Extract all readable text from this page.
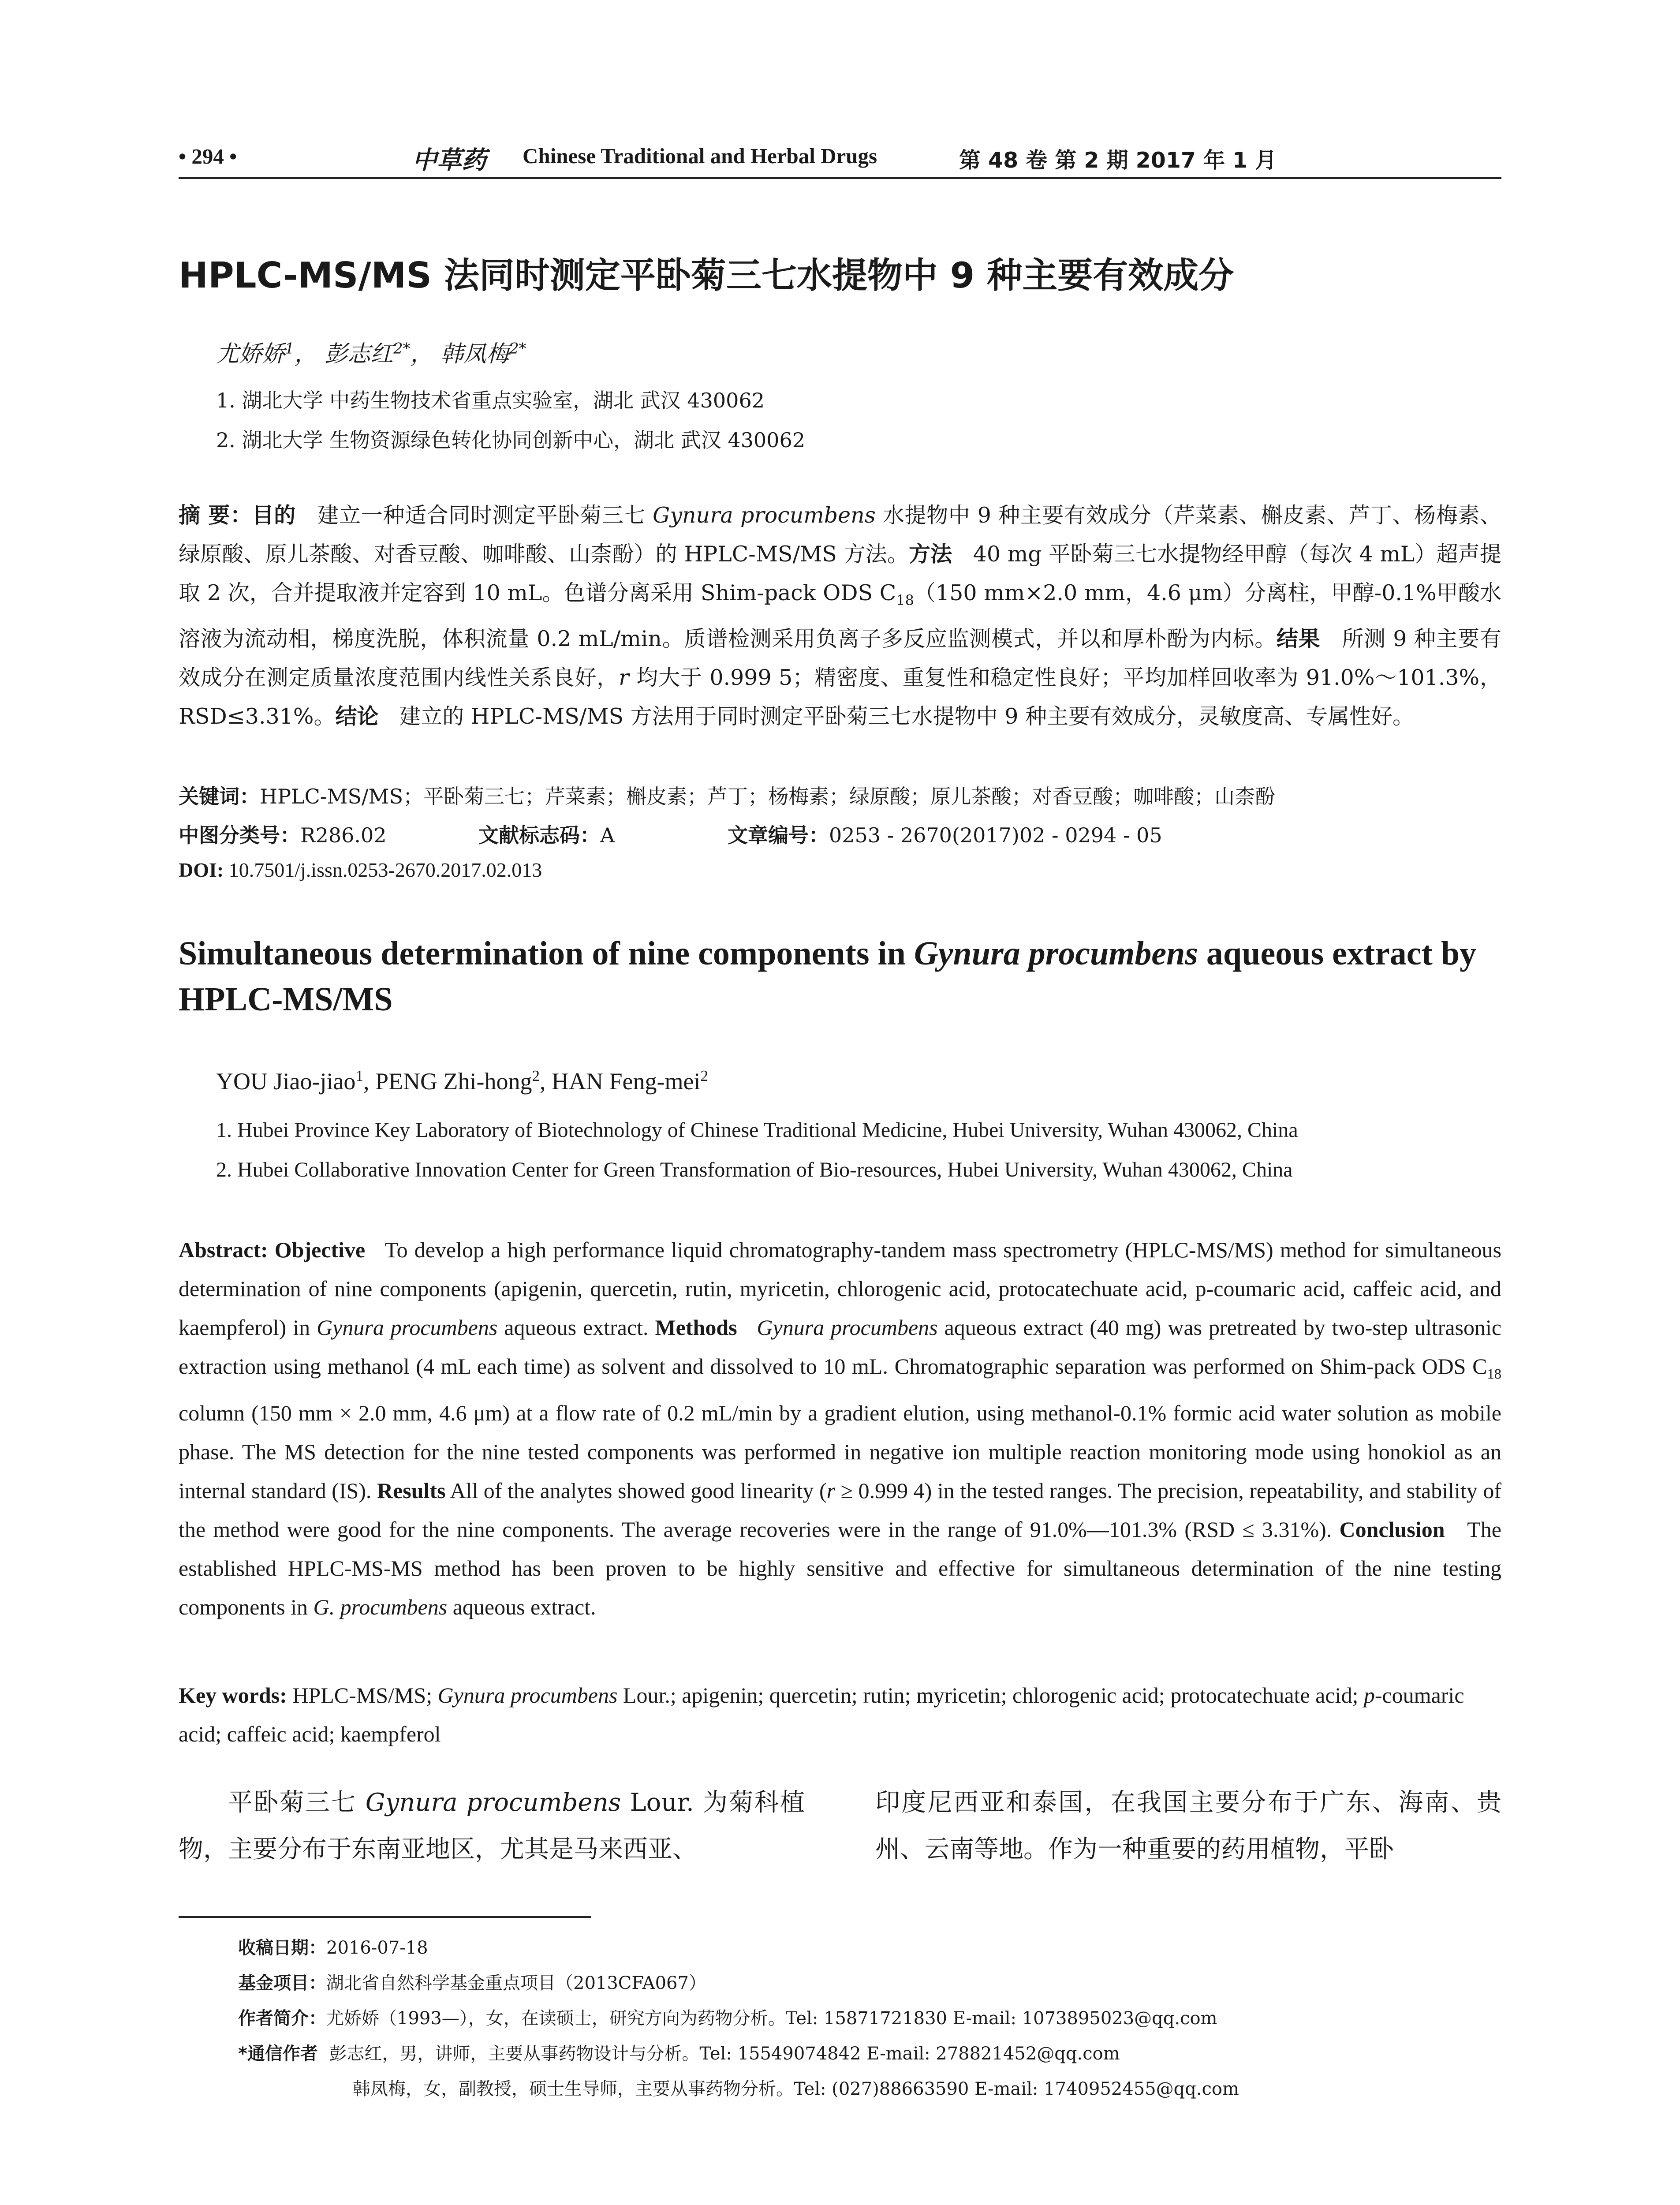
• 294 •	中草药 Chinese Traditional and Herbal Drugs	第 48 卷 第 2 期 2017 年 1 月
HPLC-MS/MS 法同时测定平卧菊三七水提物中 9 种主要有效成分
尤娇娇$^1$， 彭志红$^{2*}$， 韩凤梅$^{2*}$
1. 湖北大学 中药生物技术省重点实验室，湖北 武汉 430062
2. 湖北大学 生物资源绿色转化协同创新中心，湖北 武汉 430062

摘 要：目的 建立一种适合同时测定平卧菊三七 Gynura procumbens 水提物中 9 种主要有效成分（芹菜素、槲皮素、芦丁、杨梅素、绿原酸、原儿茶酸、对香豆酸、咖啡酸、山柰酚）的 HPLC-MS/MS 方法。方法 40 mg 平卧菊三七水提物经甲醇（每次 4 mL）超声提取 2 次，合并提取液并定容到 10 mL。色谱分离采用 Shim-pack ODS $C_{18}(150$ mm×2.0 mm，4.6 μm）分离柱，甲醇-0.1%甲酸水溶液为流动相，梯度洗脱，体积流量 0.2 mL/min。质谱检测采用负离子多反应监测模式，并以和厚朴酚为内标。结果 所测 9 种主要有效成分在测定质量浓度范围内线性关系良好，r 均大于 0.999 5；精密度、重复性和稳定性良好；平均加样回收率为 91.0%～101.3%，RSD≤3.31%。结论 建立的 HPLC-MS/MS 方法用于同时测定平卧菊三七水提物中 9 种主要有效成分，灵敏度高、专属性好。

关键词：HPLC-MS/MS；平卧菊三七；芹菜素；槲皮素；芦丁；杨梅素；绿原酸；原儿茶酸；对香豆酸；咖啡酸；山柰酚
中图分类号：R286.02	文献标志码：A	文章编号：0253 - 2670(2017)02 - 0294 - 05
DOI: 10.7501/j.issn.0253-2670.2017.02.013
Simultaneous determination of nine components in Gynura procumbens aqueous extract by HPLC-MS/MS
YOU Jiao-jiao$^1$, PENG Zhi-hong$^2$, HAN Feng-mei$^2$
1. Hubei Province Key Laboratory of Biotechnology of Chinese Traditional Medicine, Hubei University, Wuhan 430062, China
2. Hubei Collaborative Innovation Center for Green Transformation of Bio-resources, Hubei University, Wuhan 430062, China

Abstract: Objective To develop a high performance liquid chromatography-tandem mass spectrometry (HPLC-MS/MS) method for simultaneous determination of nine components (apigenin, quercetin, rutin, myricetin, chlorogenic acid, protocatechuate acid, p-coumaric acid, caffeic acid, and kaempferol) in Gynura procumbens aqueous extract. Methods Gynura procumbens aqueous extract (40 mg) was pretreated by two-step ultrasonic extraction using methanol (4 mL each time) as solvent and dissolved to 10 mL. Chromatographic separation was performed on Shim-pack ODS $C_{18}$ column (150 mm × 2.0 mm, 4.6 μm) at a flow rate of 0.2 mL/min by a gradient elution, using methanol-0.1% formic acid water solution as mobile phase. The MS detection for the nine tested components was performed in negative ion multiple reaction monitoring mode using honokiol as an internal standard (IS). Results All of the analytes showed good linearity (r ≥ 0.999 4) in the tested ranges. The precision, repeatability, and stability of the method were good for the nine components. The average recoveries were in the range of 91.0%—101.3% (RSD ≤ 3.31%). Conclusion The established HPLC-MS-MS method has been proven to be highly sensitive and effective for simultaneous determination of the nine testing components in G. procumbens aqueous extract.

Key words: HPLC-MS/MS; Gynura procumbens Lour.; apigenin; quercetin; rutin; myricetin; chlorogenic acid; protocatechuate acid; p-coumaric acid; caffeic acid; kaempferol
平卧菊三七 Gynura procumbens Lour. 为菊科植物，主要分布于东南亚地区，尤其是马来西亚、
印度尼西亚和泰国，在我国主要分布于广东、海南、贵州、云南等地。作为一种重要的药用植物，平卧
收稿日期：2016-07-18
基金项目：湖北省自然科学基金重点项目（2013CFA067）
作者简介：尤娇娇（1993—），女，在读硕士，研究方向为药物分析。Tel: 15871721830 E-mail: 1073895023@qq.com
*通信作者 彭志红，男，讲师，主要从事药物设计与分析。Tel: 15549074842 E-mail: 278821452@qq.com
韩凤梅，女，副教授，硕士生导师，主要从事药物分析。Tel: (027)88663590 E-mail: 1740952455@qq.com
